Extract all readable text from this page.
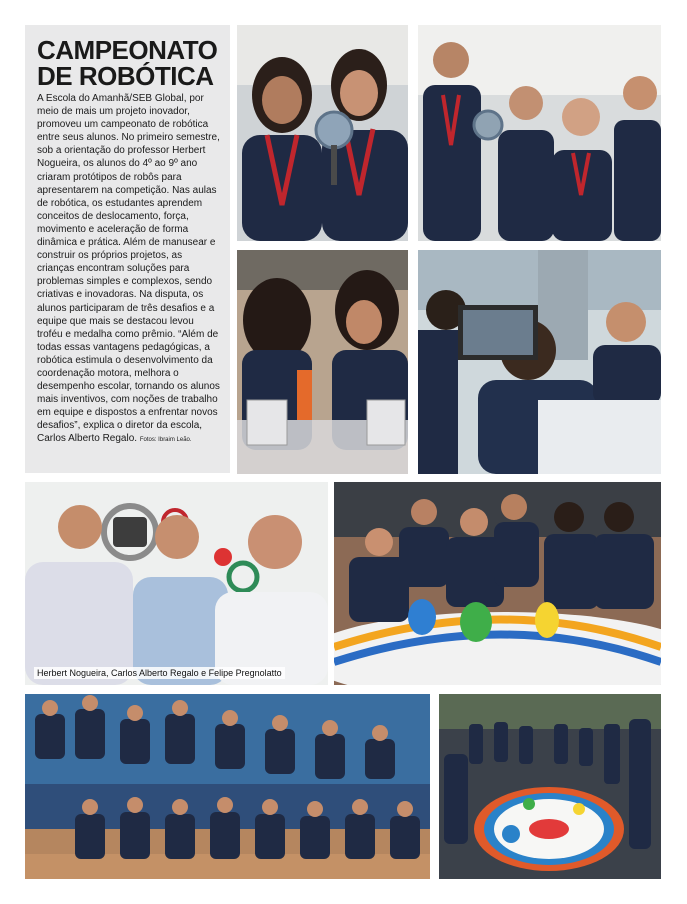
CAMPEONATO
DE ROBÓTICA

A Escola do Amanhã/SEB Global, por meio de mais um projeto inovador, promoveu um campeonato de robótica entre seus alunos. No primeiro semestre, sob a orientação do professor Herbert Nogueira, os alunos do 4º ao 9º ano criaram protótipos de robôs para apresentarem na competição. Nas aulas de robótica, os estudantes aprendem conceitos de deslocamento, força, movimento e aceleração de forma dinâmica e prática. Além de manusear e construir os próprios projetos, as crianças encontram soluções para problemas simples e complexos, sendo criativas e inovadoras. Na disputa, os alunos participaram de três desafios e a equipe que mais se destacou levou troféu e medalha como prêmio. “Além de todas essas vantagens pedagógicas, a robótica estimula o desenvolvimento da coordenação motora, melhora o desempenho escolar, tornando os alunos mais inventivos, com noções de trabalho em equipe e dispostos a enfrentar novos desafios”, explica o diretor da escola, Carlos Alberto Regalo. Fotos: Ibraim Leão.

Herbert Nogueira, Carlos Alberto Regalo e Felipe Pregnolatto
